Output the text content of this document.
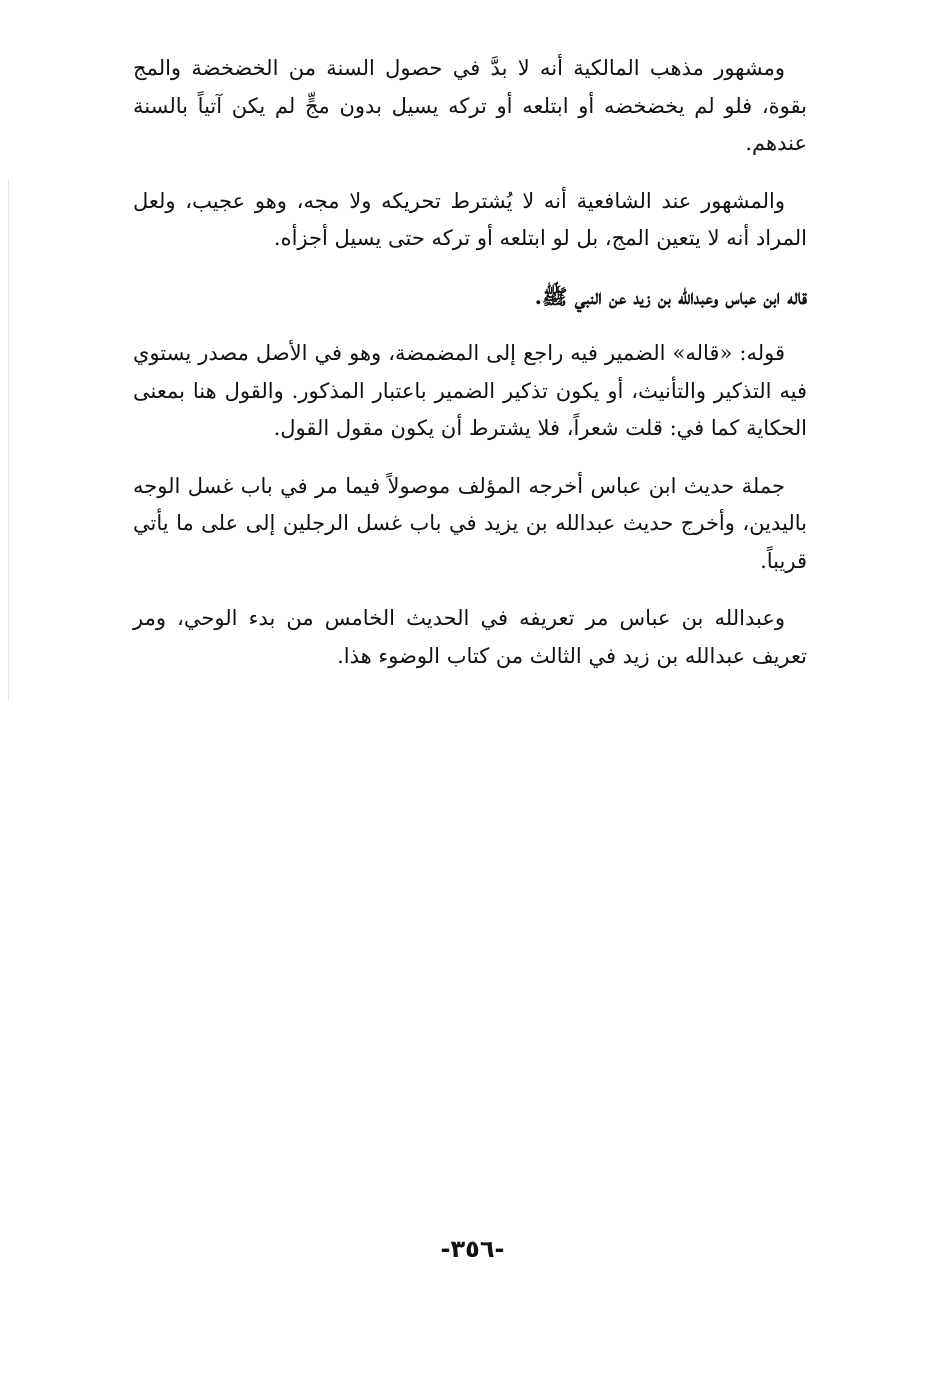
ومشهور مذهب المالكية أنه لا بدَّ في حصول السنة من الخضخضة والمج بقوة، فلو لم يخضخضه أو ابتلعه أو تركه يسيل بدون مجٍّ لم يكن آتياً بالسنة عندهم.

والمشهور عند الشافعية أنه لا يُشترط تحريكه ولا مجه، وهو عجيب، ولعل المراد أنه لا يتعين المج، بل لو ابتلعه أو تركه حتى يسيل أجزأه.

قاله ابن عباس وعبدالله بن زيد عن النبي ﷺ.

قوله: «قاله» الضمير فيه راجع إلى المضمضة، وهو في الأصل مصدر يستوي فيه التذكير والتأنيث، أو يكون تذكير الضمير باعتبار المذكور. والقول هنا بمعنى الحكاية كما في: قلت شعراً، فلا يشترط أن يكون مقول القول.

جملة حديث ابن عباس أخرجه المؤلف موصولاً فيما مر في باب غسل الوجه باليدين، وأخرج حديث عبدالله بن يزيد في باب غسل الرجلين إلى على ما يأتي قريباً.

وعبدالله بن عباس مر تعريفه في الحديث الخامس من بدء الوحي، ومر تعريف عبدالله بن زيد في الثالث من كتاب الوضوء هذا.

-٣٥٦-
